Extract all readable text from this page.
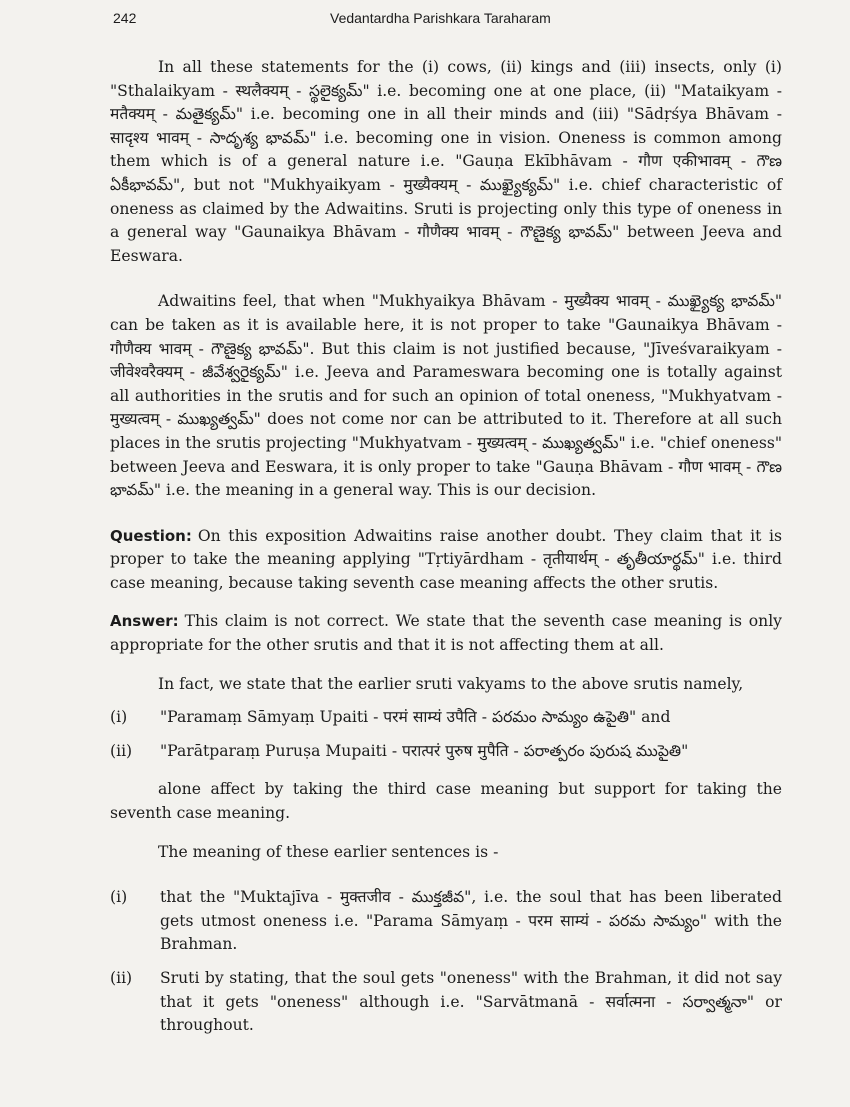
242	Vedantardha Parishkara Taraharam

In all these statements for the (i) cows, (ii) kings and (iii) insects, only (i) "Sthalaikyam - स्थलैक्यम् - స్థలైక్యమ్" i.e. becoming one at one place, (ii) "Mataikyam - मतैक्यम् - మతైక్యమ్" i.e. becoming one in all their minds and (iii) "Sādṛśya Bhāvam - सादृश्य भावम् - సాదృశ్య భావమ్" i.e. becoming one in vision. Oneness is common among them which is of a general nature i.e. "Gauṇa Ekībhāvam - गौण एकीभावम् - గౌణ ఏకీభావమ్", but not "Mukhyaikyam - मुख्यैक्यम् - ముఖ్యైక్యమ్" i.e. chief characteristic of oneness as claimed by the Adwaitins. Sruti is projecting only this type of oneness in a general way "Gaunaikya Bhāvam - गौणैक्य भावम् - గౌణైక్య భావమ్" between Jeeva and Eeswara.

Adwaitins feel, that when "Mukhyaikya Bhāvam - मुख्यैक्य भावम् - ముఖ్యైక్య భావమ్" can be taken as it is available here, it is not proper to take "Gaunaikya Bhāvam - गौणैक्य भावम् - గౌణైక్య భావమ్". But this claim is not justified because, "Jīveśvaraikyam - जीवेश्वरैक्यम् - జీవేశ్వరైక్యమ్" i.e. Jeeva and Parameswara becoming one is totally against all authorities in the srutis and for such an opinion of total oneness, "Mukhyatvam - मुख्यत्वम् - ముఖ్యత్వమ్" does not come nor can be attributed to it. Therefore at all such places in the srutis projecting "Mukhyatvam - मुख्यत्वम् - ముఖ్యత్వమ్" i.e. "chief oneness" between Jeeva and Eeswara, it is only proper to take "Gauṇa Bhāvam - गौण भावम् - గౌణ భావమ్" i.e. the meaning in a general way. This is our decision.

Question: On this exposition Adwaitins raise another doubt. They claim that it is proper to take the meaning applying "Tṛtiyārdham - तृतीयार्थम् - తృతీయార్థమ్" i.e. third case meaning, because taking seventh case meaning affects the other srutis.

Answer: This claim is not correct. We state that the seventh case meaning is only appropriate for the other srutis and that it is not affecting them at all.

In fact, we state that the earlier sruti vakyams to the above srutis namely,

(i)	"Paramaṃ Sāmyaṃ Upaiti - परमं साम्यं उपैति - పరమం సామ్యం ఉపైతి" and
(ii)	"Parātparaṃ Puruṣa Mupaiti - परात्परं पुरुष मुपैति - పరాత్పరం పురుష ముపైతి"

alone affect by taking the third case meaning but support for taking the seventh case meaning.

The meaning of these earlier sentences is -

(i)	that the "Muktajīva - मुक्तजीव - ముక్తజీవ", i.e. the soul that has been liberated gets utmost oneness i.e. "Parama Sāmyaṃ - परम साम्यं - పరమ సామ్యం" with the Brahman.
(ii)	Sruti by stating, that the soul gets "oneness" with the Brahman, it did not say that it gets "oneness" although i.e. "Sarvātmanā - सर्वात्मना - సర్వాత్మనా" or throughout.
